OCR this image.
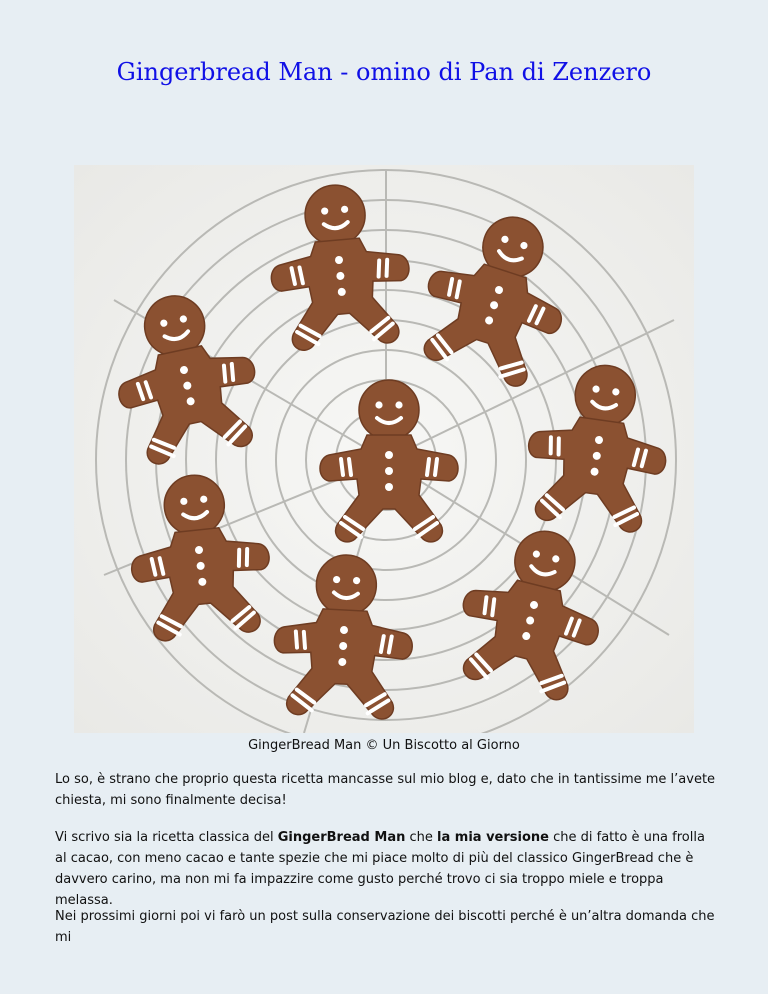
Gingerbread Man - omino di Pan di Zenzero
GingerBread Man © Un Biscotto al Giorno

Lo so, è strano che proprio questa ricetta mancasse sul mio blog e, dato che in tantissime me l’avete chiesta, mi sono finalmente decisa!

Vi scrivo sia la ricetta classica del GingerBread Man che la mia versione che di fatto è una frolla al cacao, con meno cacao e tante spezie che mi piace molto di più del classico GingerBread che è davvero carino, ma non mi fa impazzire come gusto perché trovo ci sia troppo miele e troppa melassa.

Nei prossimi giorni poi vi farò un post sulla conservazione dei biscotti perché è un’altra domanda che mi
